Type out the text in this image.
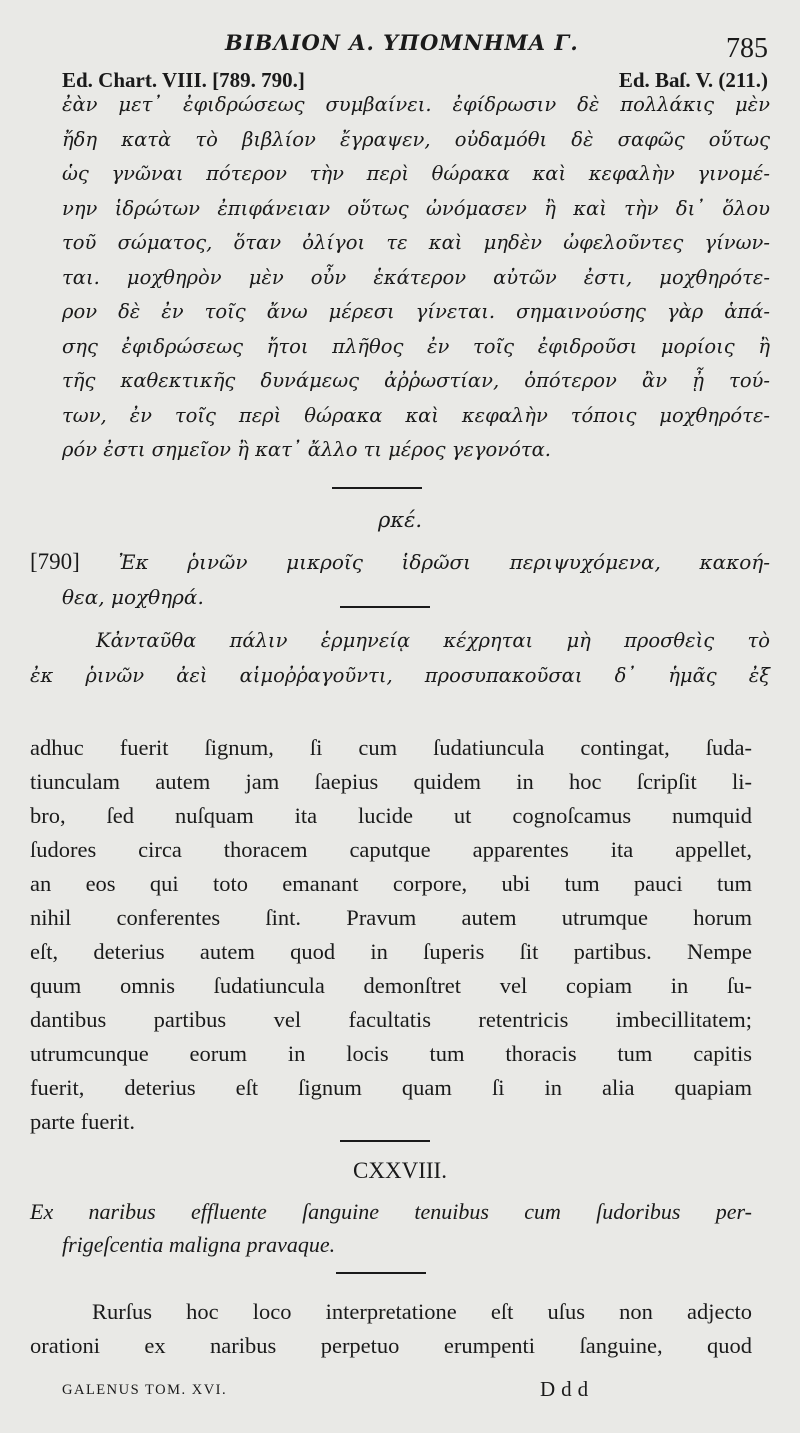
ΒΙΒΛΙΟΝ Α. ΥΠΟΜΝΗΜΑ Γ.	785
Ed. Chart. VIII. [789. 790.]	Ed. Baſ. V. (211.)
ἐὰν μετ᾽ ἐφιδρώσεως συμβαίνει. ἐφίδρωσιν δὲ πολλάκις μὲν
ἤδη κατὰ τὸ βιβλίον ἔγραψεν, οὐδαμόθι δὲ σαφῶς οὕτως
ὡς γνῶναι πότερον τὴν περὶ θώρακα καὶ κεφαλὴν γινομέ-
νην ἱδρώτων ἐπιφάνειαν οὕτως ὠνόμασεν ἢ καὶ τὴν δι᾽ ὅλου
τοῦ σώματος, ὅταν ὀλίγοι τε καὶ μηδὲν ὠφελοῦντες γίνων-
ται. μοχθηρὸν μὲν οὖν ἑκάτερον αὐτῶν ἐστι, μοχθηρότε-
ρον δὲ ἐν τοῖς ἄνω μέρεσι γίνεται. σημαινούσης γὰρ ἁπά-
σης ἐφιδρώσεως ἤτοι πλῆθος ἐν τοῖς ἐφιδροῦσι μορίοις ἢ
τῆς καθεκτικῆς δυνάμεως ἀῤῥωστίαν, ὁπότερον ἂν ᾖ τού-
των, ἐν τοῖς περὶ θώρακα καὶ κεφαλὴν τόποις μοχθηρότε-
ρόν ἐστι σημεῖον ἢ κατ᾽ ἄλλο τι μέρος γεγονότα.
ρκέ.
[790] Ἐκ ῥινῶν μικροῖς ἱδρῶσι περιψυχόμενα, κακοή-
θεα, μοχθηρά.
Κἀνταῦθα πάλιν ἑρμηνείᾳ κέχρηται μὴ προσθεὶς τὸ
ἐκ ῥινῶν ἀεὶ αἱμοῤῥαγοῦντι, προσυπακοῦσαι δ᾽ ἡμᾶς ἐξ
adhuc fuerit ſignum, ſi cum ſudatiuncula contingat, ſuda-
tiunculam autem jam ſaepius quidem in hoc ſcripſit li-
bro, ſed nuſquam ita lucide ut cognoſcamus numquid
ſudores circa thoracem caputque apparentes ita appellet,
an eos qui toto emanant corpore, ubi tum pauci tum
nihil conferentes ſint. Pravum autem utrumque horum
eſt, deterius autem quod in ſuperis ſit partibus. Nempe
quum omnis ſudatiuncula demonſtret vel copiam in ſu-
dantibus partibus vel facultatis retentricis imbecillitatem;
utrumcunque eorum in locis tum thoracis tum capitis
fuerit, deterius eſt ſignum quam ſi in alia quapiam
parte fuerit.
CXXVIII.
Ex naribus effluente ſanguine tenuibus cum ſudoribus per-
frigeſcentia maligna pravaque.
Rurſus hoc loco interpretatione eſt uſus non adjecto
orationi ex naribus perpetuo erumpenti ſanguine, quod
GALENUS TOM. XVI.	Ddd
